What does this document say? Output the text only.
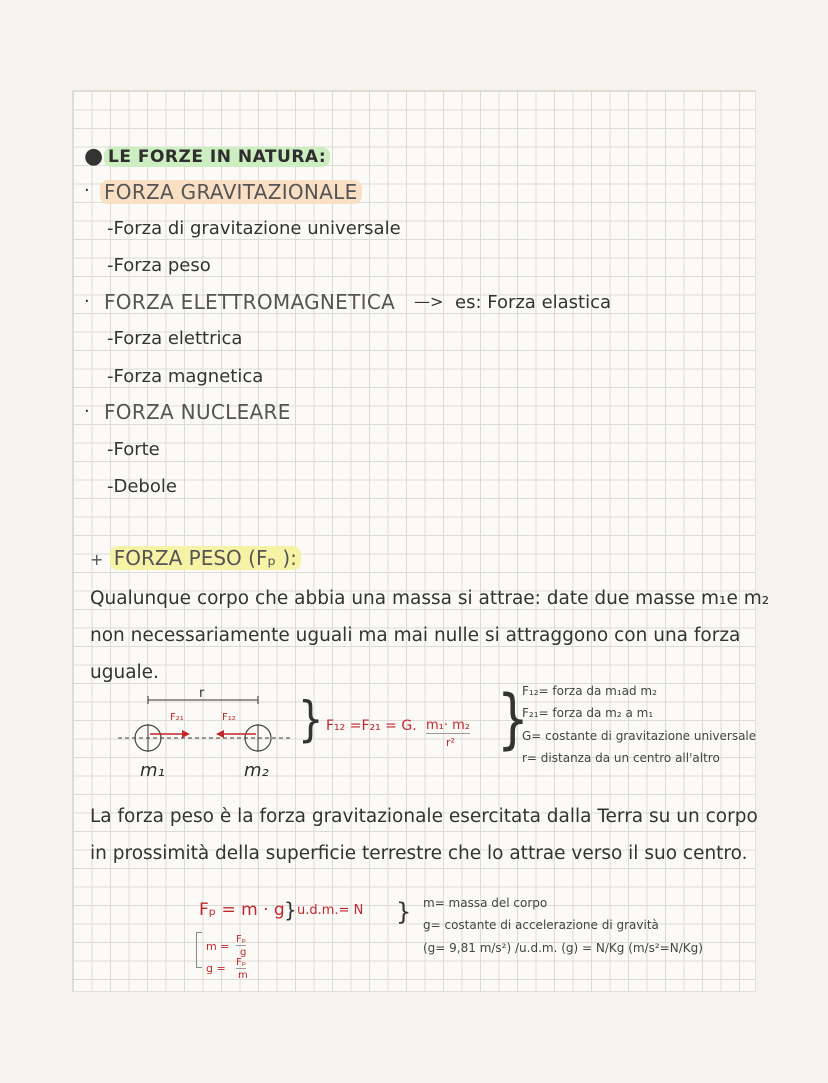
● LE FORZE IN NATURA:
· FORZA GRAVITAZIONALE
-Forza di gravitazione universale
-Forza peso
· FORZA ELETTROMAGNETICA —> es: Forza elastica
-Forza elettrica
-Forza magnetica
· FORZA NUCLEARE
-Forte
-Debole
+ FORZA PESO (Fₚ ):
Qualunque corpo che abbia una massa si attrae: date due masse m₁e m₂
non necessariamente uguali ma mai nulle si attraggono con una forza
uguale.
r
F₂₁	F₁₂
m₁	m₂
}	}
F₁₂ =F₂₁ = G. m₁· m₂
r²
F₁₂= forza da m₁ad m₂
F₂₁= forza da m₂ a m₁
G= costante di gravitazione universale
r= distanza da un centro all'altro
La forza peso è la forza gravitazionale esercitata dalla Terra su un corpo
in prossimità della superficie terrestre che lo attrae verso il suo centro.
Fₚ = m · g } u.d.m.= N }
m =
Fₚ
g
g = Fₚ
m
m= massa del corpo
g= costante di accelerazione di gravità
(g= 9,81 m/s²) /u.d.m. (g) = N/Kg (m/s²=N/Kg)
